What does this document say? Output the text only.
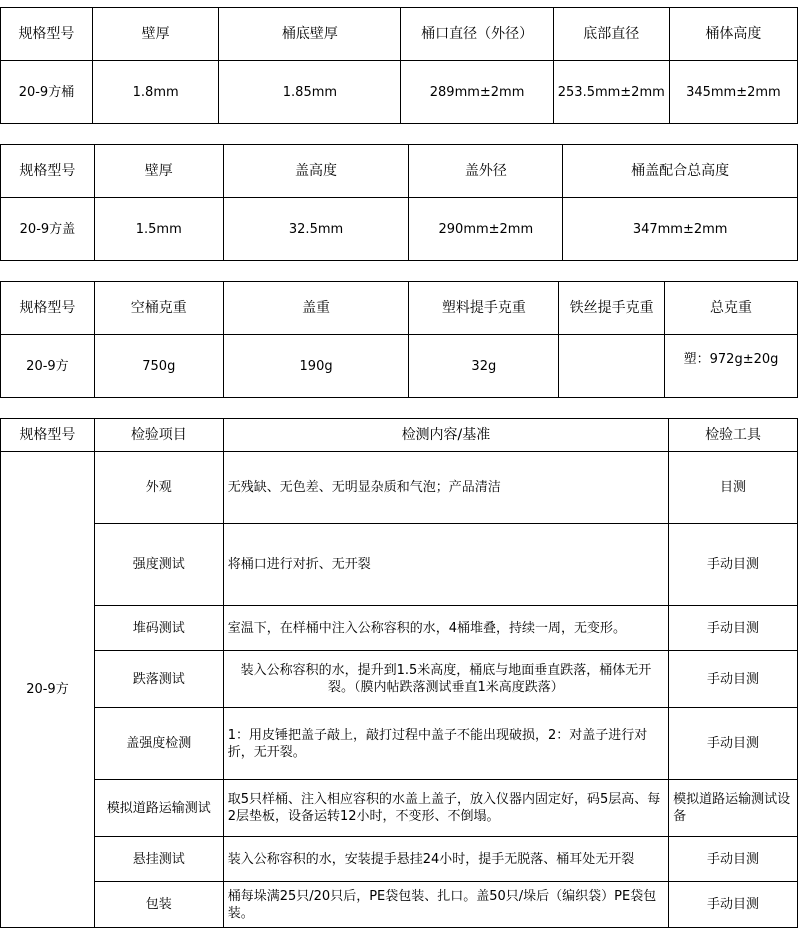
规格型号	壁厚	桶底壁厚	桶口直径（外径）	底部直径	桶体高度
20-9方桶	1.8mm	1.85mm	289mm±2mm	253.5mm±2mm	345mm±2mm
规格型号	壁厚	盖高度	盖外径	桶盖配合总高度
20-9方盖	1.5mm	32.5mm	290mm±2mm	347mm±2mm
规格型号	空桶克重	盖重	塑料提手克重	铁丝提手克重	总克重
20-9方	750g	190g	32g		塑：972g±20g
规格型号	检验项目	检测内容/基准	检验工具
20-9方	外观	无残缺、无色差、无明显杂质和气泡；产品清洁	目测
	强度测试	将桶口进行对折、无开裂	手动目测
	堆码测试	室温下，在样桶中注入公称容积的水，4桶堆叠，持续一周，无变形。	手动目测
	跌落测试	装入公称容积的水，提升到1.5米高度，桶底与地面垂直跌落，桶体无开裂。（膜内帖跌落测试垂直1米高度跌落）	手动目测
	盖强度检测	1：用皮锤把盖子敲上，敲打过程中盖子不能出现破损，2：对盖子进行对折，无开裂。	手动目测
	模拟道路运输测试	取5只样桶、注入相应容积的水盖上盖子，放入仪器内固定好，码5层高、每2层垫板，设备运转12小时，不变形、不倒塌。	模拟道路运输测试设备
	悬挂测试	装入公称容积的水，安装提手悬挂24小时，提手无脱落、桶耳处无开裂	手动目测
	包装	桶每垛满25只/20只后，PE袋包装、扎口。盖50只/垛后（编织袋）PE袋包装。	手动目测
